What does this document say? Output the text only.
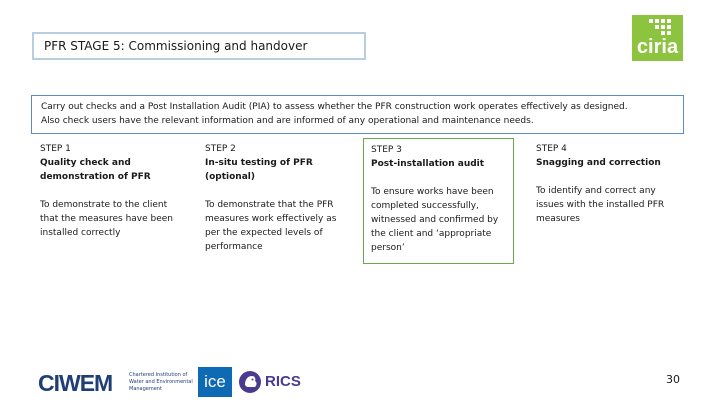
PFR STAGE 5: Commissioning and handover	ciria
Carry out checks and a Post Installation Audit (PIA) to assess whether the PFR construction work operates effectively as designed.
Also check users have the relevant information and are informed of any operational and maintenance needs.
STEP 1
Quality check and
demonstration of PFR
To demonstrate to the client
that the measures have been
installed correctly
STEP 2
In-situ testing of PFR
(optional)
To demonstrate that the PFR
measures work effectively as
per the expected levels of
performance
STEP 3
Post-installation audit
To ensure works have been
completed successfully,
witnessed and confirmed by
the client and ‘appropriate
person’
STEP 4
Snagging and correction
To identify and correct any
issues with the installed PFR
measures
CIWEM	Chartered Institution of
Water and Environmental
Management	ice	RICS	30
